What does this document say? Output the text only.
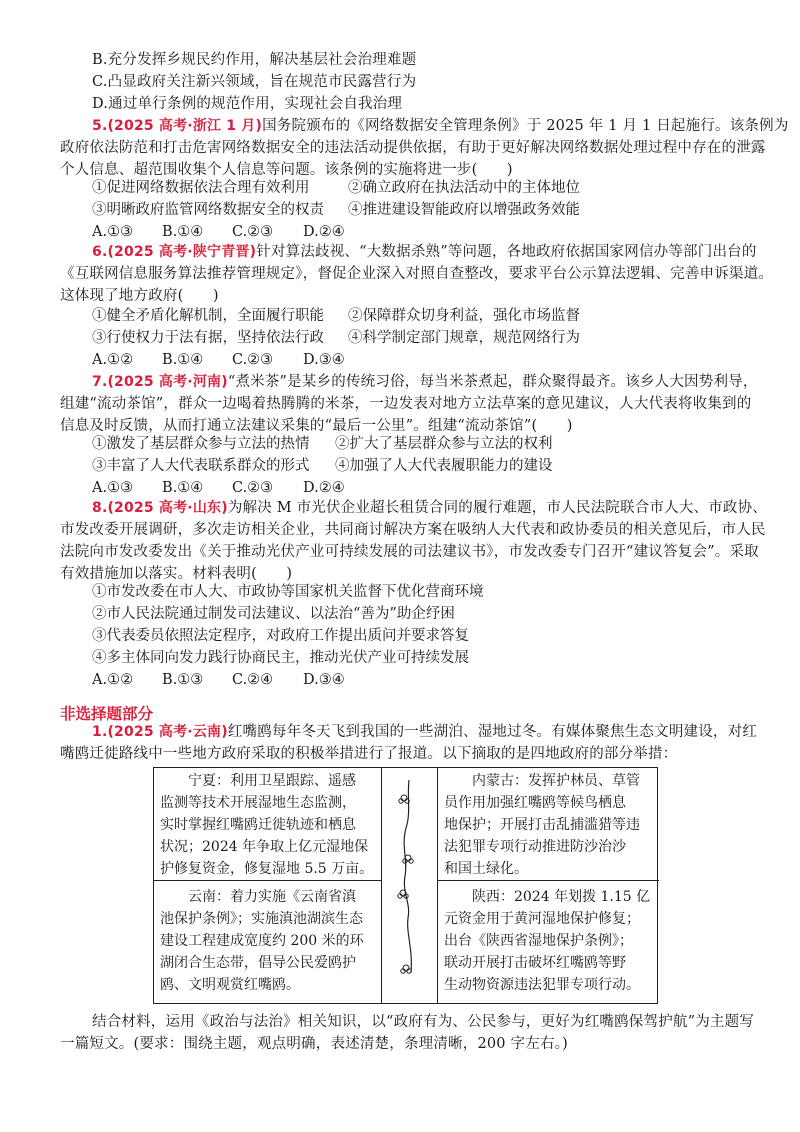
B.充分发挥乡规民约作用，解决基层社会治理难题
C.凸显政府关注新兴领域，旨在规范市民露营行为
D.通过单行条例的规范作用，实现社会自我治理
5.(2025 高考·浙江 1 月)国务院颁布的《网络数据安全管理条例》于 2025 年 1 月 1 日起施行。该条例为
政府依法防范和打击危害网络数据安全的违法活动提供依据，有助于更好解决网络数据处理过程中存在的泄露
个人信息、超范围收集个人信息等问题。该条例的实施将进一步(　　)
①促进网络数据依法合理有效利用	②确立政府在执法活动中的主体地位
③明晰政府监管网络数据安全的权责 ④推进建设智能政府以增强政务效能
A.①③ B.①④ C.②③ D.②④
6.(2025 高考·陕宁青晋)针对算法歧视、“大数据杀熟”等问题，各地政府依据国家网信办等部门出台的
《互联网信息服务算法推荐管理规定》，督促企业深入对照自查整改，要求平台公示算法逻辑、完善申诉渠道。
这体现了地方政府(　　)
①健全矛盾化解机制，全面履行职能 ②保障群众切身利益，强化市场监督
③行使权力于法有据，坚持依法行政 ④科学制定部门规章，规范网络行为
A.①② B.①④ C.②③ D.③④
7.(2025 高考·河南)“煮米茶”是某乡的传统习俗，每当米茶煮起，群众聚得最齐。该乡人大因势利导，
组建“流动茶馆”，群众一边喝着热腾腾的米茶，一边发表对地方立法草案的意见建议，人大代表将收集到的
信息及时反馈，从而打通立法建议采集的“最后一公里”。组建“流动茶馆”(　　)
①激发了基层群众参与立法的热情 ②扩大了基层群众参与立法的权利
③丰富了人大代表联系群众的形式 ④加强了人大代表履职能力的建设
A.①③ B.①④ C.②③ D.②④
8.(2025 高考·山东)为解决 M 市光伏企业超长租赁合同的履行难题，市人民法院联合市人大、市政协、
市发改委开展调研，多次走访相关企业，共同商讨解决方案在吸纳人大代表和政协委员的相关意见后，市人民
法院向市发改委发出《关于推动光伏产业可持续发展的司法建议书》，市发改委专门召开“建议答复会”。采取
有效措施加以落实。材料表明(　　)
①市发改委在市人大、市政协等国家机关监督下优化营商环境
②市人民法院通过制发司法建议、以法治“善为”助企纾困
③代表委员依照法定程序，对政府工作提出质问并要求答复
④多主体同向发力践行协商民主，推动光伏产业可持续发展
A.①② B.①③ C.②④ D.③④
非选择题部分
1.(2025 高考·云南)红嘴鸥每年冬天飞到我国的一些湖泊、湿地过冬。有媒体聚焦生态文明建设，对红
嘴鸥迁徙路线中一些地方政府采取的积极举措进行了报道。以下摘取的是四地政府的部分举措：
宁夏：利用卫星跟踪、遥感
监测等技术开展湿地生态监测，
实时掌握红嘴鸥迁徙轨迹和栖息
状况；2024 年争取上亿元湿地保
护修复资金，修复湿地 5.5 万亩。
内蒙古：发挥护林员、草管
员作用加强红嘴鸥等候鸟栖息
地保护；开展打击乱捕滥猎等违
法犯罪专项行动推进防沙治沙
和国土绿化。
云南：着力实施《云南省滇
池保护条例》；实施滇池湖滨生态
建设工程建成宽度约 200 米的环
湖闭合生态带，倡导公民爱鸥护
鸥、文明观赏红嘴鸥。
陕西：2024 年划拨 1.15 亿
元资金用于黄河湿地保护修复；
出台《陕西省湿地保护条例》；
联动开展打击破坏红嘴鸥等野
生动物资源违法犯罪专项行动。
结合材料，运用《政治与法治》相关知识，以“政府有为、公民参与，更好为红嘴鸥保驾护航”为主题写
一篇短文。(要求：围绕主题，观点明确，表述清楚，条理清晰，200 字左右。)
